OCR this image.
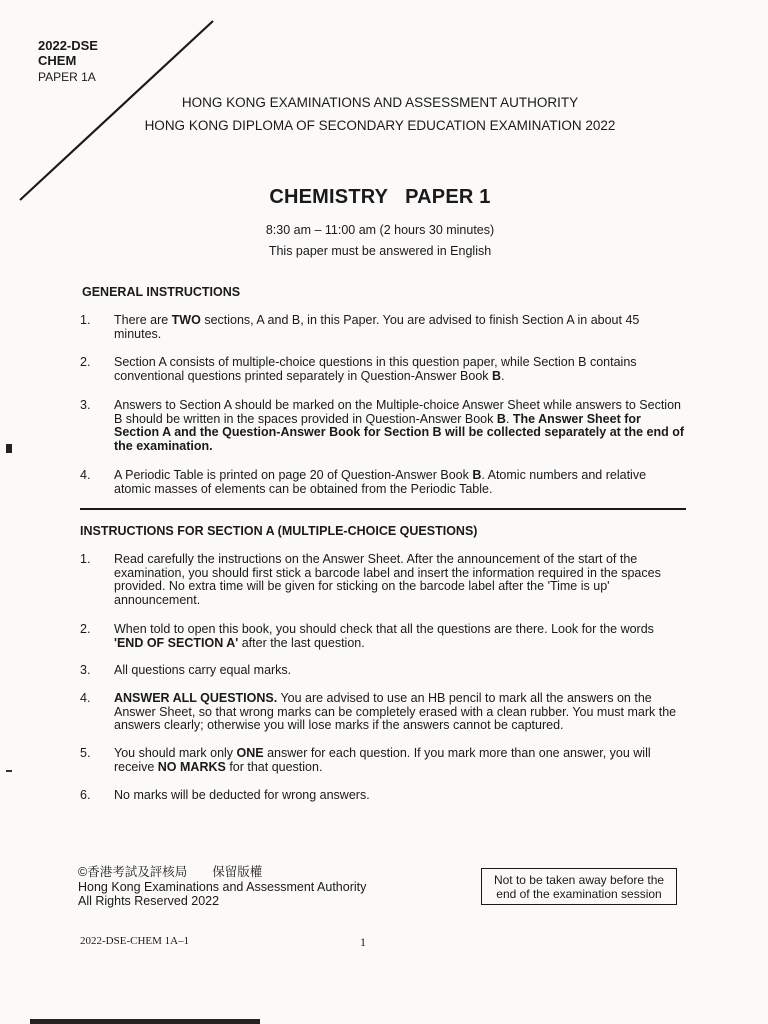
2022-DSE
CHEM
PAPER 1A
HONG KONG EXAMINATIONS AND ASSESSMENT AUTHORITY
HONG KONG DIPLOMA OF SECONDARY EDUCATION EXAMINATION 2022
CHEMISTRY   PAPER 1
8:30 am – 11:00 am (2 hours 30 minutes)
This paper must be answered in English
GENERAL INSTRUCTIONS
1.	There are TWO sections, A and B, in this Paper. You are advised to finish Section A in about 45 minutes.
2.	Section A consists of multiple-choice questions in this question paper, while Section B contains conventional questions printed separately in Question-Answer Book B.
3.	Answers to Section A should be marked on the Multiple-choice Answer Sheet while answers to Section B should be written in the spaces provided in Question-Answer Book B. The Answer Sheet for Section A and the Question-Answer Book for Section B will be collected separately at the end of the examination.
4.	A Periodic Table is printed on page 20 of Question-Answer Book B. Atomic numbers and relative atomic masses of elements can be obtained from the Periodic Table.
INSTRUCTIONS FOR SECTION A (MULTIPLE-CHOICE QUESTIONS)
1.	Read carefully the instructions on the Answer Sheet. After the announcement of the start of the examination, you should first stick a barcode label and insert the information required in the spaces provided. No extra time will be given for sticking on the barcode label after the 'Time is up' announcement.
2.	When told to open this book, you should check that all the questions are there. Look for the words 'END OF SECTION A' after the last question.
3.	All questions carry equal marks.
4.	ANSWER ALL QUESTIONS. You are advised to use an HB pencil to mark all the answers on the Answer Sheet, so that wrong marks can be completely erased with a clean rubber. You must mark the answers clearly; otherwise you will lose marks if the answers cannot be captured.
5.	You should mark only ONE answer for each question. If you mark more than one answer, you will receive NO MARKS for that question.
6.	No marks will be deducted for wrong answers.
©香港考試及評核局　　保留版權
Hong Kong Examinations and Assessment Authority
All Rights Reserved 2022
Not to be taken away before the
end of the examination session
2022-DSE-CHEM 1A–1	1
